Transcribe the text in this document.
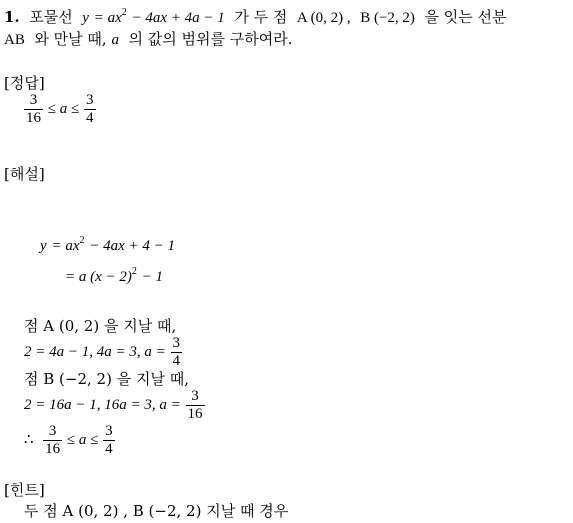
1. 포물선 $y = ax^2 - 4ax + 4a - 1$ 가 두 점 A (0, 2) , B (−2, 2) 을 잇는 선분
AB 와 만날 때, a 의 값의 범위를 구하여라.
[정답]
$\frac{3}{16} \le a \le \frac{3}{4}$
[해설]
$y = ax^2 - 4ax + 4 - 1$
= a $(x - 2)^2 - 1$
점 A (0, 2) 을 지날 때,
2 = 4a − 1, 4a = 3, $a = \frac{3}{4}$
점 B (−2, 2) 을 지날 때,
2 = 16a − 1, 16a = 3, $a = \frac{3}{16}$
∴ $\frac{3}{16} \le a \le \frac{3}{4}$
[힌트]
두 점 A (0, 2) , B (−2, 2) 지날 때 경우
